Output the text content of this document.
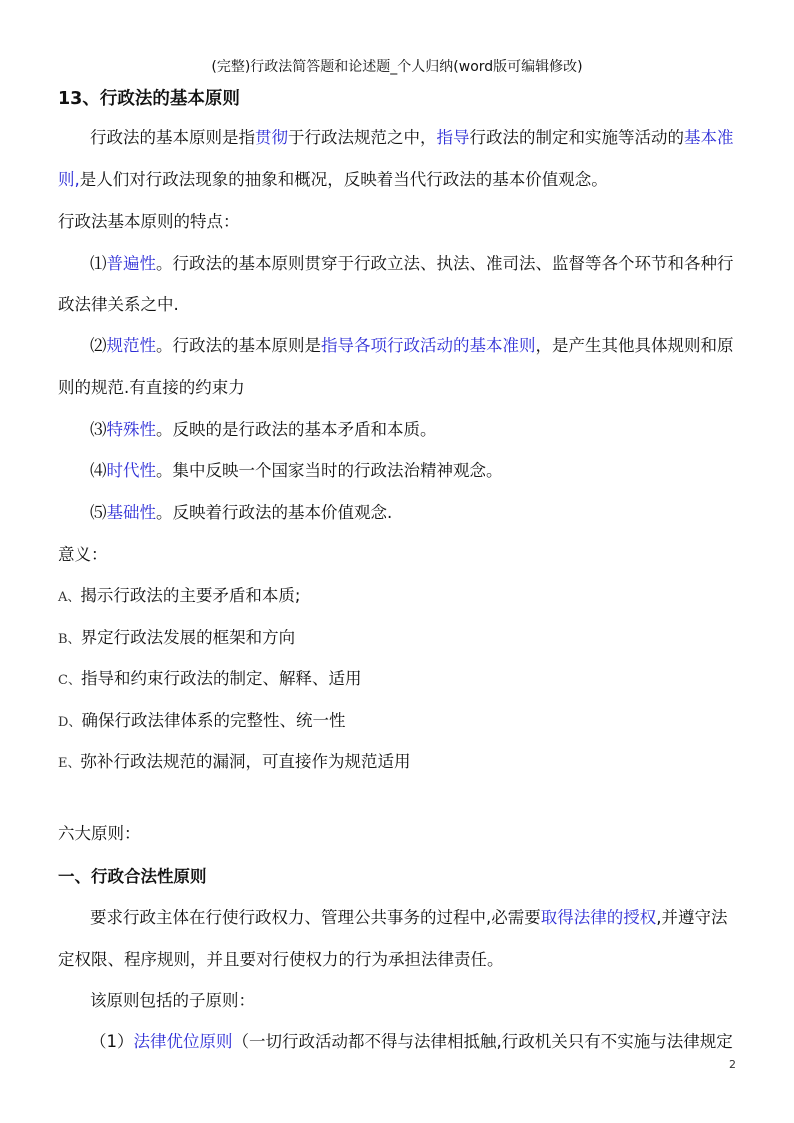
(完整)行政法简答题和论述题_个人归纳(word版可编辑修改)
13、行政法的基本原则
行政法的基本原则是指贯彻于行政法规范之中，指导行政法的制定和实施等活动的基本准
则,是人们对行政法现象的抽象和概况，反映着当代行政法的基本价值观念。
行政法基本原则的特点：
⑴普遍性。行政法的基本原则贯穿于行政立法、执法、准司法、监督等各个环节和各种行
政法律关系之中.
⑵规范性。行政法的基本原则是指导各项行政活动的基本准则，是产生其他具体规则和原
则的规范.有直接的约束力
⑶特殊性。反映的是行政法的基本矛盾和本质。
⑷时代性。集中反映一个国家当时的行政法治精神观念。
⑸基础性。反映着行政法的基本价值观念.
意义：
A、揭示行政法的主要矛盾和本质;
B、界定行政法发展的框架和方向
C、指导和约束行政法的制定、解释、适用
D、确保行政法律体系的完整性、统一性
E、弥补行政法规范的漏洞，可直接作为规范适用
六大原则：
一、行政合法性原则
要求行政主体在行使行政权力、管理公共事务的过程中,必需要取得法律的授权,并遵守法
定权限、程序规则，并且要对行使权力的行为承担法律责任。
该原则包括的子原则：
（1）法律优位原则（一切行政活动都不得与法律相抵触,行政机关只有不实施与法律规定
2
